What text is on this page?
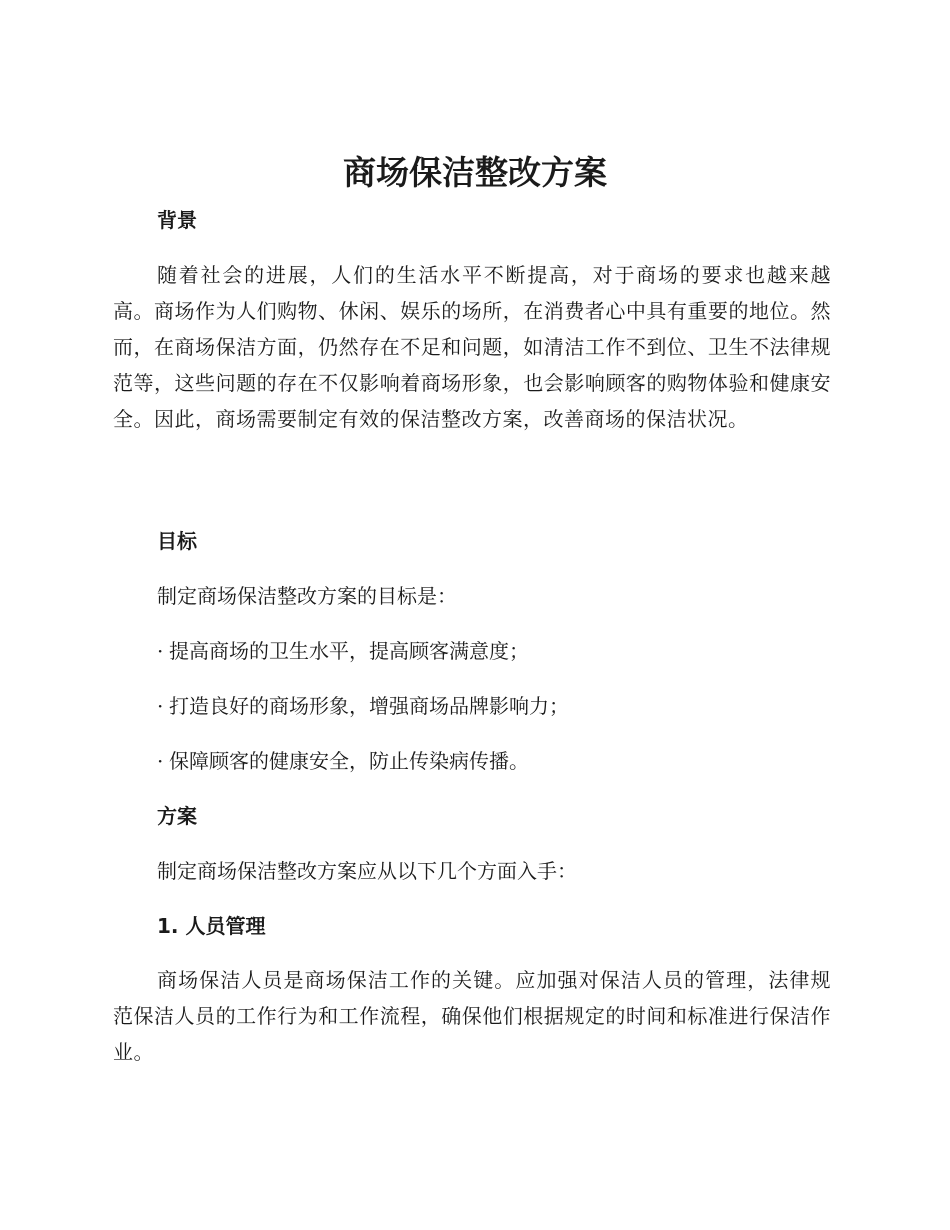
商场保洁整改方案
背景

随着社会的进展，人们的生活水平不断提高，对于商场的要求也越来越高。商场作为人们购物、休闲、娱乐的场所，在消费者心中具有重要的地位。然而，在商场保洁方面，仍然存在不足和问题，如清洁工作不到位、卫生不法律规范等，这些问题的存在不仅影响着商场形象，也会影响顾客的购物体验和健康安全。因此，商场需要制定有效的保洁整改方案，改善商场的保洁状况。

目标

制定商场保洁整改方案的目标是：

· 提高商场的卫生水平，提高顾客满意度；

· 打造良好的商场形象，增强商场品牌影响力；

· 保障顾客的健康安全，防止传染病传播。

方案

制定商场保洁整改方案应从以下几个方面入手：

1. 人员管理

商场保洁人员是商场保洁工作的关键。应加强对保洁人员的管理，法律规范保洁人员的工作行为和工作流程，确保他们根据规定的时间和标准进行保洁作业。
